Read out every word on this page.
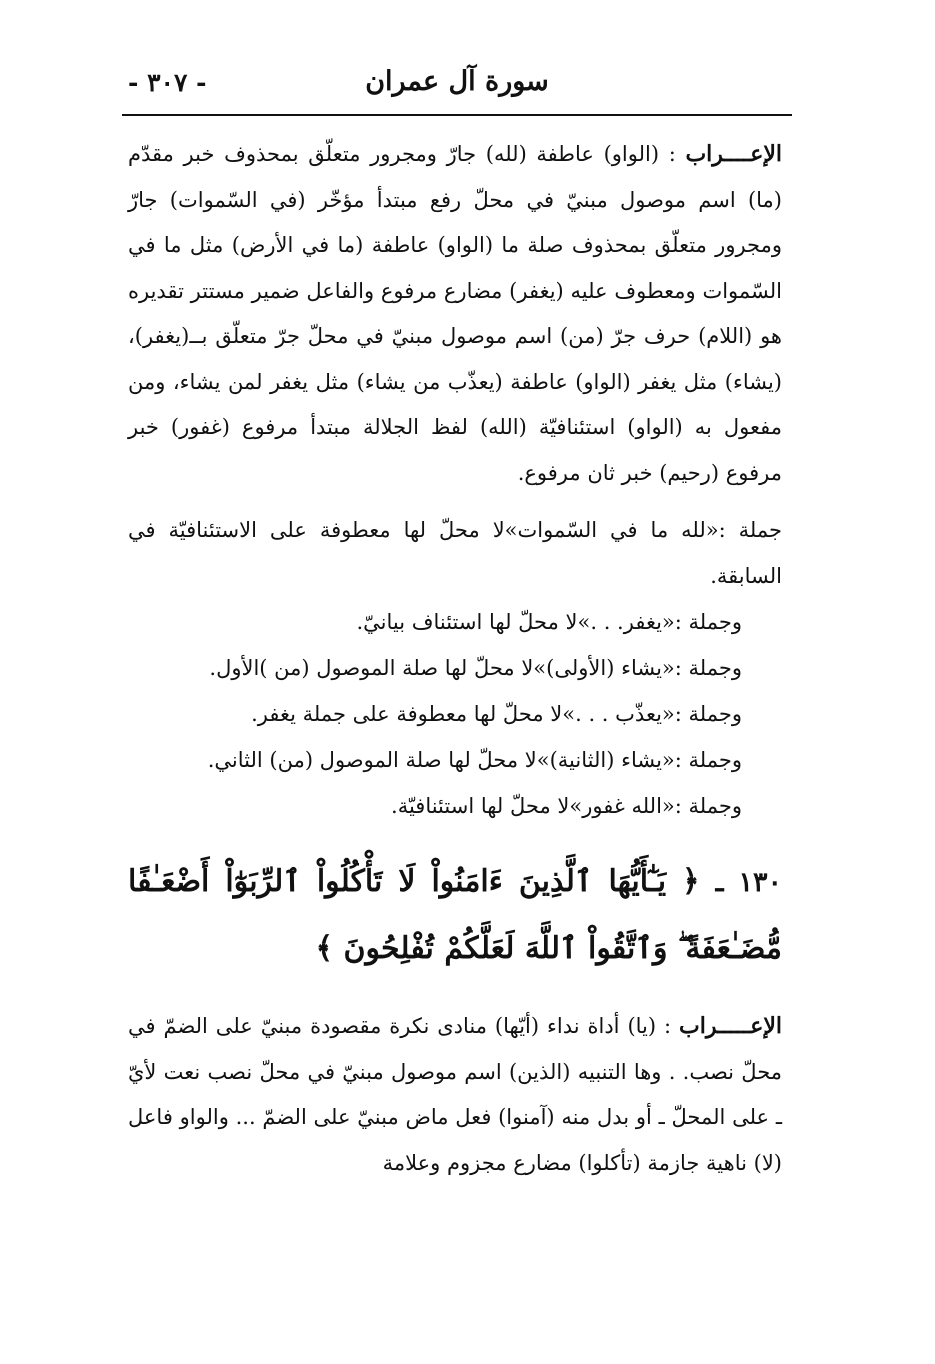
- ٣٠٧ -	سورة آل عمران

الإعــــراب : (الواو) عاطفة (لله) جارّ ومجرور متعلّق بمحذوف خبر مقدّم (ما) اسم موصول مبنيّ في محلّ رفع مبتدأ مؤخّر (في السّموات) جارّ ومجرور متعلّق بمحذوف صلة ما (الواو) عاطفة (ما في الأرض) مثل ما في السّموات ومعطوف عليه (يغفر) مضارع مرفوع والفاعل ضمير مستتر تقديره هو (اللام) حرف جرّ (من) اسم موصول مبنيّ في محلّ جرّ متعلّق بــ(يغفر)، (يشاء) مثل يغفر (الواو) عاطفة (يعذّب من يشاء) مثل يغفر لمن يشاء، ومن مفعول به (الواو) استئنافيّة (الله) لفظ الجلالة مبتدأ مرفوع (غفور) خبر مرفوع (رحيم) خبر ثان مرفوع.

جملة :«لله ما في السّموات»لا محلّ لها معطوفة على الاستئنافيّة في السابقة.

وجملة :«يغفر. . .»لا محلّ لها استئناف بيانيّ.
وجملة :«يشاء (الأولى)»لا محلّ لها صلة الموصول (من )الأول.
وجملة :«يعذّب . . .»لا محلّ لها معطوفة على جملة يغفر.
وجملة :«يشاء (الثانية)»لا محلّ لها صلة الموصول (من) الثاني.
وجملة :«الله غفور»لا محلّ لها استئنافيّة.
١٣٠ ـ ﴿ يَـٰٓأَيُّهَا ٱلَّذِينَ ءَامَنُواْ لَا تَأْكُلُواْ ٱلرِّبَوٰٓاْ أَضْعَـٰفًا مُّضَـٰعَفَةً ۖ وَٱتَّقُواْ ٱللَّهَ لَعَلَّكُمْ تُفْلِحُونَ ﴾

الإعـــــراب : (يا) أداة نداء (أيّها) منادى نكرة مقصودة مبنيّ على الضمّ في محلّ نصب. . وها التنبيه (الذين) اسم موصول مبنيّ في محلّ نصب نعت لأيّ ـ على المحلّ ـ أو بدل منه (آمنوا) فعل ماض مبنيّ على الضمّ ... والواو فاعل (لا) ناهية جازمة (تأكلوا) مضارع مجزوم وعلامة
